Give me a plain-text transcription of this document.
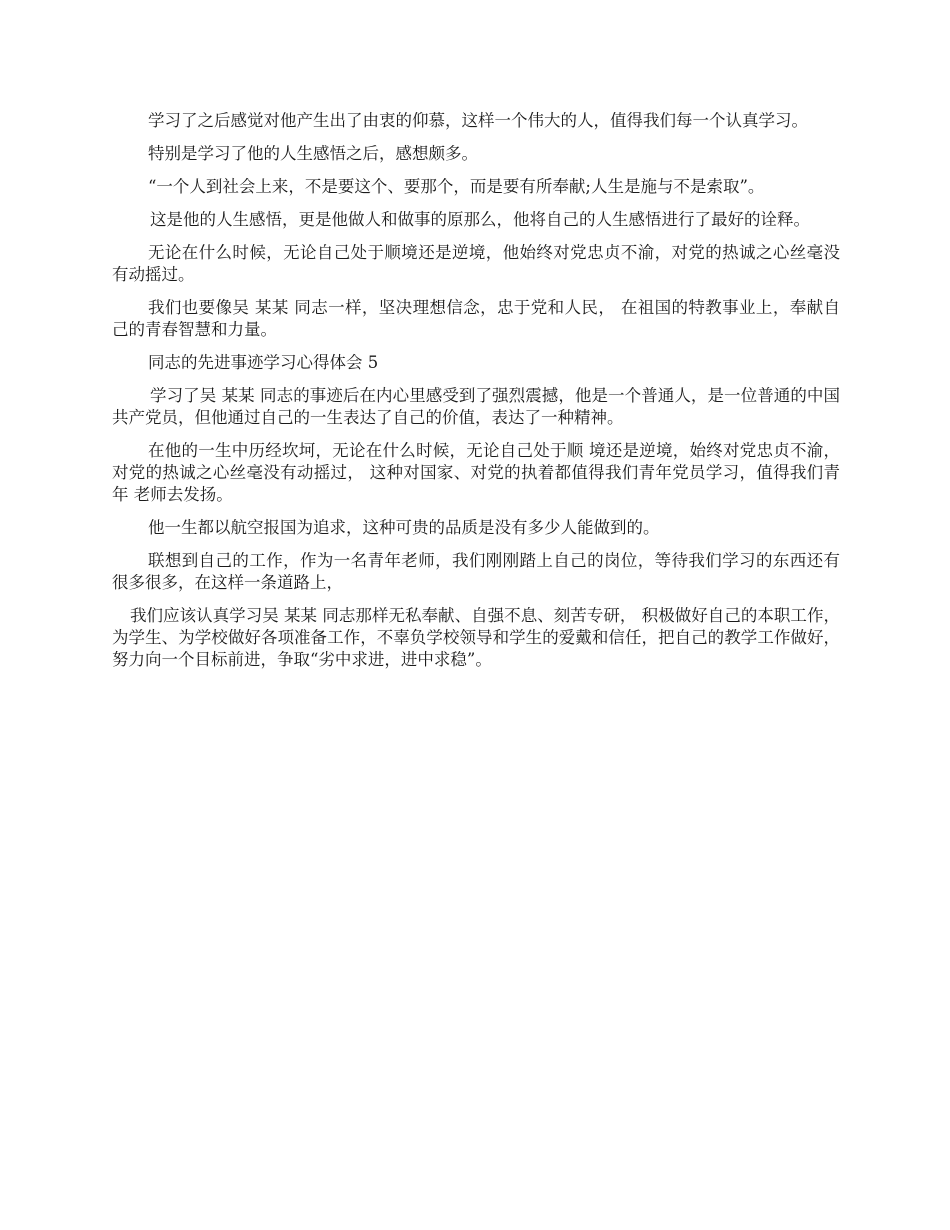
学习了之后感觉对他产生出了由衷的仰慕，这样一个伟大的人，值得我们每一个认真学习。

特别是学习了他的人生感悟之后，感想颇多。

“一个人到社会上来，不是要这个、要那个，而是要有所奉献;人生是施与不是索取”。

这是他的人生感悟，更是他做人和做事的原那么，他将自己的人生感悟进行了最好的诠释。

无论在什么时候，无论自己处于顺境还是逆境，他始终对党忠贞不渝，对党的热诚之心丝毫没有动摇过。

我们也要像吴 某某 同志一样，坚决理想信念，忠于党和人民， 在祖国的特教事业上，奉献自己的青春智慧和力量。

同志的先进事迹学习心得体会 5

学习了吴 某某 同志的事迹后在内心里感受到了强烈震撼，他是一个普通人，是一位普通的中国共产党员，但他通过自己的一生表达了自己的价值，表达了一种精神。

在他的一生中历经坎坷，无论在什么时候，无论自己处于顺 境还是逆境，始终对党忠贞不渝，对党的热诚之心丝毫没有动摇过， 这种对国家、对党的执着都值得我们青年党员学习，值得我们青年 老师去发扬。

他一生都以航空报国为追求，这种可贵的品质是没有多少人能做到的。

联想到自己的工作，作为一名青年老师，我们刚刚踏上自己的岗位，等待我们学习的东西还有很多很多，在这样一条道路上，

我们应该认真学习吴 某某 同志那样无私奉献、自强不息、刻苦专研， 积极做好自己的本职工作，为学生、为学校做好各项准备工作，不辜负学校领导和学生的爱戴和信任，把自己的教学工作做好，努力向一个目标前进，争取“劣中求进，进中求稳”。
